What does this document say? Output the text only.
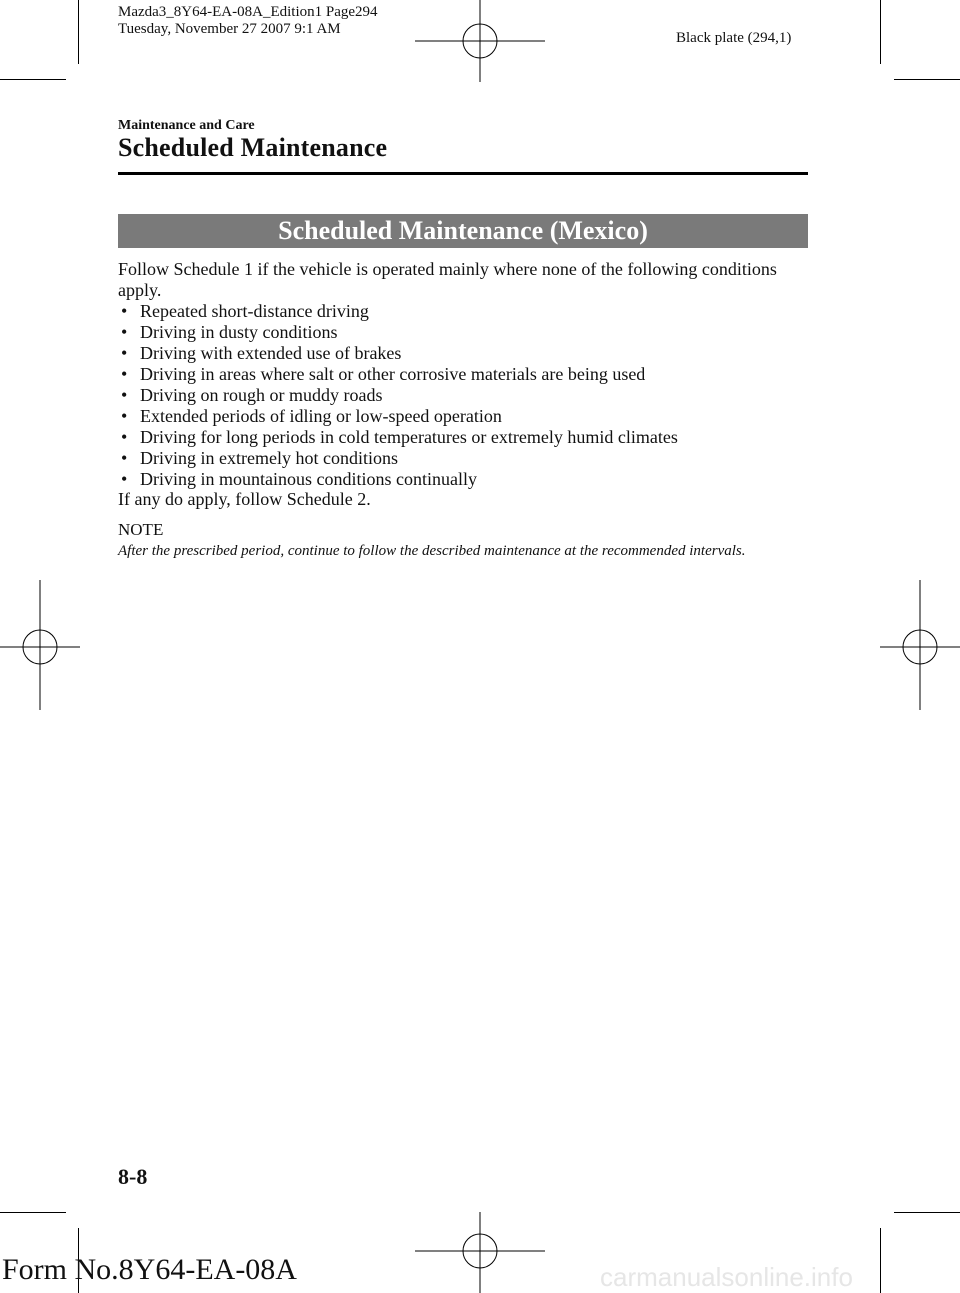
Mazda3_8Y64-EA-08A_Edition1 Page294
Tuesday, November 27 2007 9:1 AM
Black plate (294,1)
Maintenance and Care
Scheduled Maintenance
Scheduled Maintenance (Mexico)
Follow Schedule 1 if the vehicle is operated mainly where none of the following conditions apply.
• Repeated short-distance driving
• Driving in dusty conditions
• Driving with extended use of brakes
• Driving in areas where salt or other corrosive materials are being used
• Driving on rough or muddy roads
• Extended periods of idling or low-speed operation
• Driving for long periods in cold temperatures or extremely humid climates
• Driving in extremely hot conditions
• Driving in mountainous conditions continually
If any do apply, follow Schedule 2.
NOTE
After the prescribed period, continue to follow the described maintenance at the recommended intervals.
8-8
Form No.8Y64-EA-08A	carmanualsonline.info
